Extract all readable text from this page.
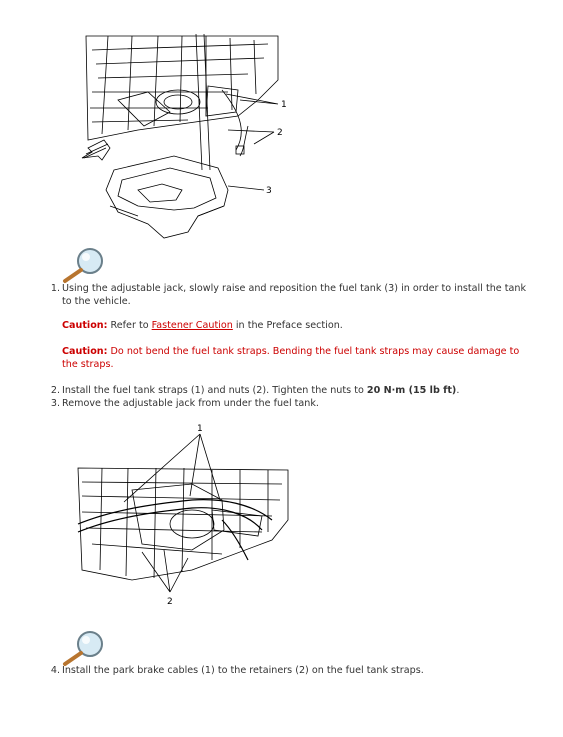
1
2
3
1. Using the adjustable jack, slowly raise and reposition the fuel tank (3) in order to install the tank to the vehicle.
Caution: Refer to Fastener Caution in the Preface section.
Caution: Do not bend the fuel tank straps. Bending the fuel tank straps may cause damage to the straps.
2. Install the fuel tank straps (1) and nuts (2). Tighten the nuts to 20 N·m (15 lb ft).
3. Remove the adjustable jack from under the fuel tank.
1
2
4. Install the park brake cables (1) to the retainers (2) on the fuel tank straps.
